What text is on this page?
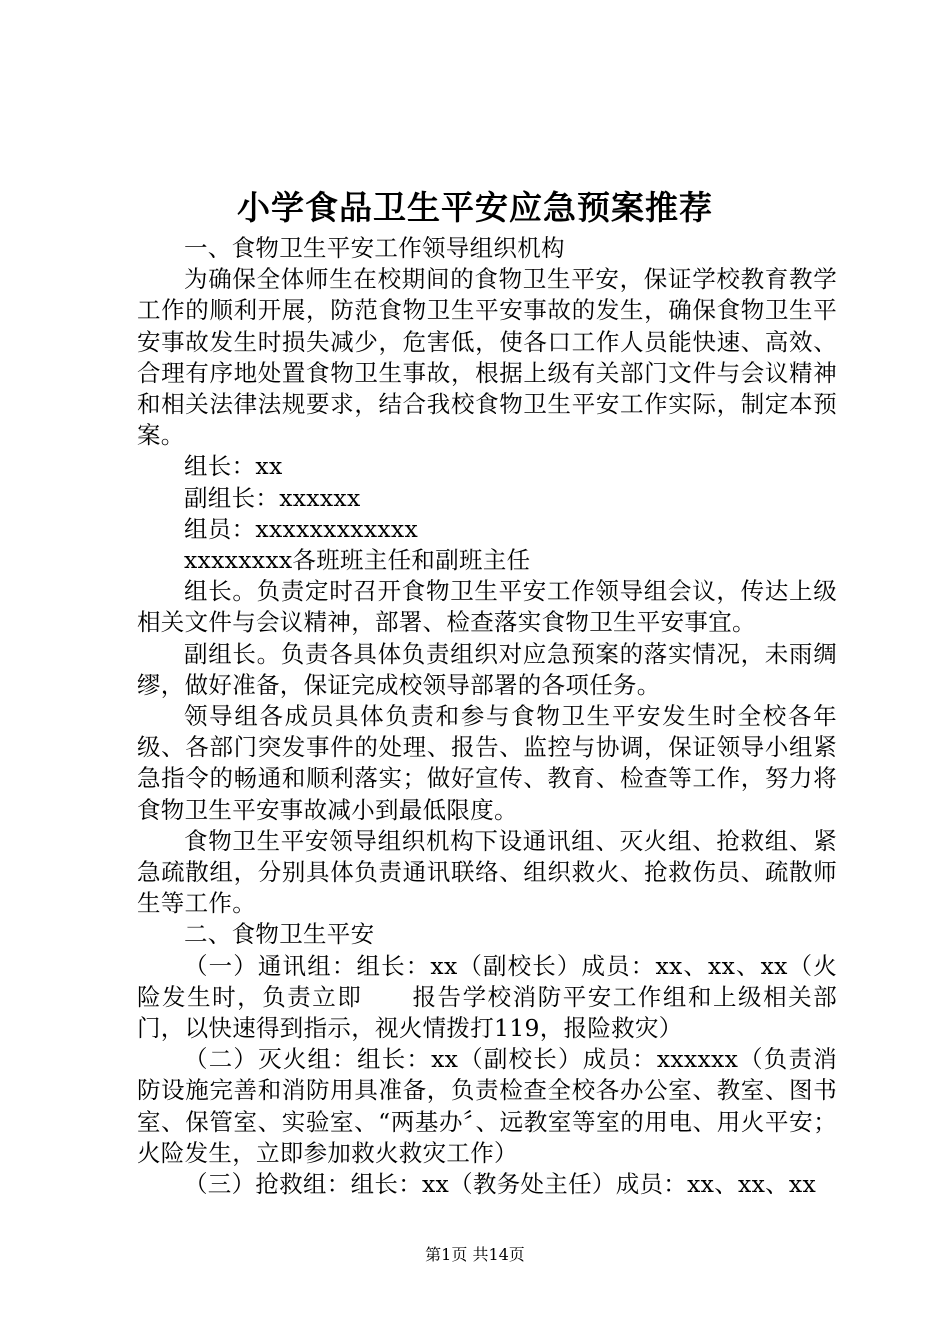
小学食品卫生平安应急预案推荐

一、食物卫生平安工作领导组织机构

为确保全体师生在校期间的食物卫生平安，保证学校教育教学工作的顺利开展，防范食物卫生平安事故的发生，确保食物卫生平安事故发生时损失减少，危害低，使各口工作人员能快速、高效、合理有序地处置食物卫生事故，根据上级有关部门文件与会议精神和相关法律法规要求，结合我校食物卫生平安工作实际，制定本预案。

组长：xx

副组长：xxxxxx

组员：xxxxxxxxxxxx

xxxxxxxx各班班主任和副班主任

组长。负责定时召开食物卫生平安工作领导组会议，传达上级相关文件与会议精神，部署、检查落实食物卫生平安事宜。

副组长。负责各具体负责组织对应急预案的落实情况，未雨绸缪，做好准备，保证完成校领导部署的各项任务。

领导组各成员具体负责和参与食物卫生平安发生时全校各年级、各部门突发事件的处理、报告、监控与协调，保证领导小组紧急指令的畅通和顺利落实；做好宣传、教育、检查等工作，努力将食物卫生平安事故减小到最低限度。

食物卫生平安领导组织机构下设通讯组、灭火组、抢救组、紧急疏散组，分别具体负责通讯联络、组织救火、抢救伤员、疏散师生等工作。

二、食物卫生平安

（一）通讯组：组长：xx（副校长）成员：xx、xx、xx（火险发生时，负责立即　　报告学校消防平安工作组和上级相关部门，以快速得到指示，视火情拨打119，报险救灾）

（二）灭火组：组长：xx（副校长）成员：xxxxxx（负责消防设施完善和消防用具准备，负责检查全校各办公室、教室、图书室、保管室、实验室、“两基办〞、远教室等室的用电、用火平安；火险发生，立即参加救火救灾工作）

（三）抢救组：组长：xx（教务处主任）成员：xx、xx、xx

第1页 共14页
